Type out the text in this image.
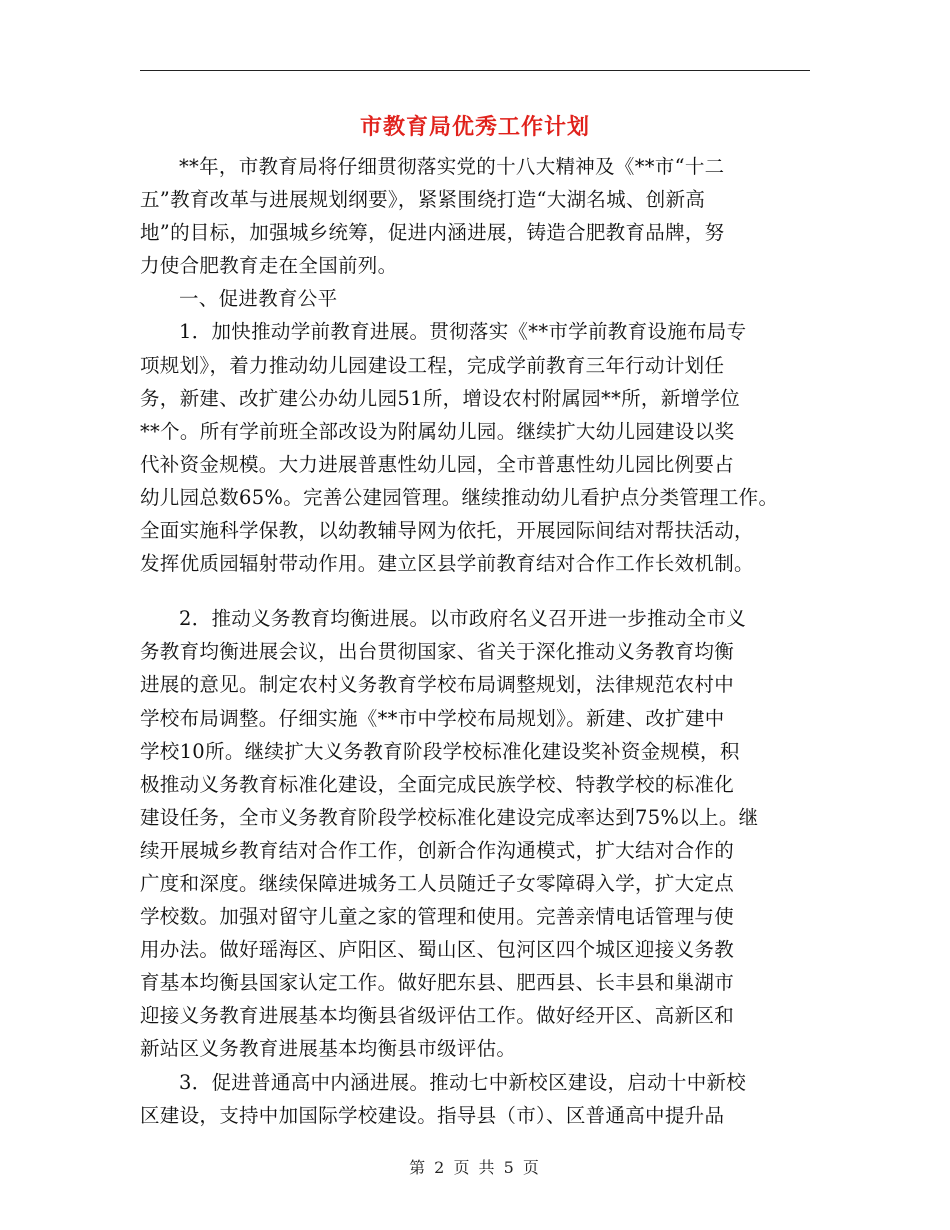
市教育局优秀工作计划
**年，市教育局将仔细贯彻落实党的十八大精神及《**市“十二
五”教育改革与进展规划纲要》，紧紧围绕打造“大湖名城、创新高
地”的目标，加强城乡统筹，促进内涵进展，铸造合肥教育品牌，努
力使合肥教育走在全国前列。
一、促进教育公平
1．加快推动学前教育进展。贯彻落实《**市学前教育设施布局专
项规划》，着力推动幼儿园建设工程，完成学前教育三年行动计划任
务，新建、改扩建公办幼儿园51所，增设农村附属园**所，新增学位
**个。所有学前班全部改设为附属幼儿园。继续扩大幼儿园建设以奖
代补资金规模。大力进展普惠性幼儿园，全市普惠性幼儿园比例要占
幼儿园总数65%。完善公建园管理。继续推动幼儿看护点分类管理工作。
全面实施科学保教，以幼教辅导网为依托，开展园际间结对帮扶活动，
发挥优质园辐射带动作用。建立区县学前教育结对合作工作长效机制。
2．推动义务教育均衡进展。以市政府名义召开进一步推动全市义
务教育均衡进展会议，出台贯彻国家、省关于深化推动义务教育均衡
进展的意见。制定农村义务教育学校布局调整规划，法律规范农村中
学校布局调整。仔细实施《**市中学校布局规划》。新建、改扩建中
学校10所。继续扩大义务教育阶段学校标准化建设奖补资金规模，积
极推动义务教育标准化建设，全面完成民族学校、特教学校的标准化
建设任务，全市义务教育阶段学校标准化建设完成率达到75%以上。继
续开展城乡教育结对合作工作，创新合作沟通模式，扩大结对合作的
广度和深度。继续保障进城务工人员随迁子女零障碍入学，扩大定点
学校数。加强对留守儿童之家的管理和使用。完善亲情电话管理与使
用办法。做好瑶海区、庐阳区、蜀山区、包河区四个城区迎接义务教
育基本均衡县国家认定工作。做好肥东县、肥西县、长丰县和巢湖市
迎接义务教育进展基本均衡县省级评估工作。做好经开区、高新区和
新站区义务教育进展基本均衡县市级评估。
3．促进普通高中内涵进展。推动七中新校区建设，启动十中新校
区建设，支持中加国际学校建设。指导县（市）、区普通高中提升品
第 2 页 共 5 页
